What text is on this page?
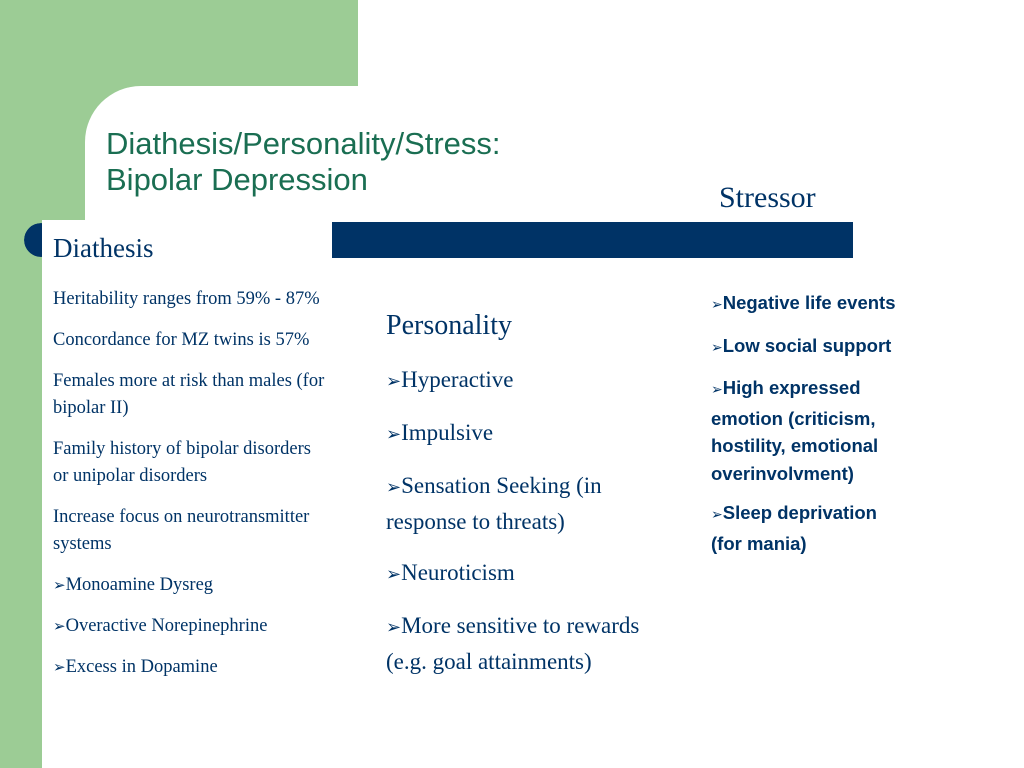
Diathesis/Personality/Stress:
Bipolar Depression
Stressor
Diathesis

Heritability ranges from 59% - 87%

Concordance for MZ twins is 57%

Females more at risk than males (for bipolar II)

Family history of bipolar disorders or unipolar disorders

Increase focus on neurotransmitter systems

➢Monoamine Dysreg

➢Overactive Norepinephrine

➢Excess in Dopamine

Personality

➢Hyperactive

➢Impulsive

➢Sensation Seeking (in response to threats)

➢Neuroticism

➢More sensitive to rewards (e.g. goal attainments)

➢Negative life events

➢Low social support

➢High expressed emotion (criticism, hostility, emotional overinvolvment)

➢Sleep deprivation (for mania)
